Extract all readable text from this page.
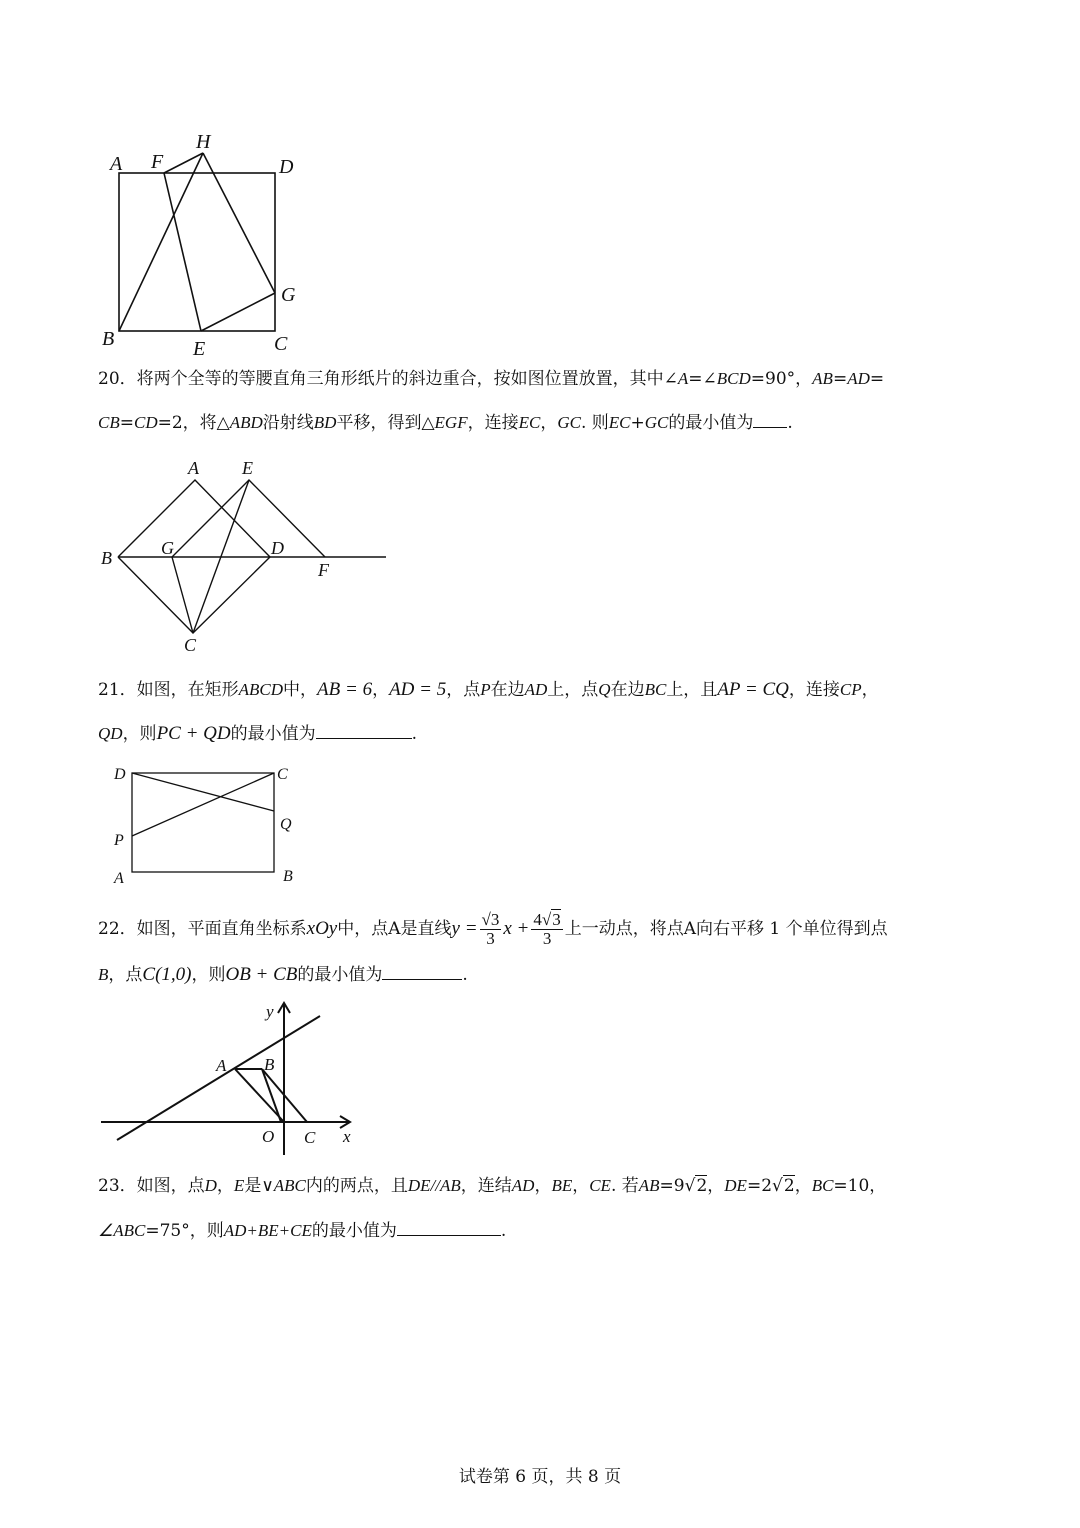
A F
H
D
G
B	E	C
20．将两个全等的等腰直角三角形纸片的斜边重合，按如图位置放置，其中∠A=∠BCD=90°，AB=AD=
CB=CD=2，将△ABD沿射线BD平移，得到△EGF，连接EC，GC. 则EC+GC的最小值为 .
A E
B	G	D
F
C
21．如图，在矩形ABCD中，AB = 6，AD = 5，点P在边AD上，点Q在边BC上，且AP = CQ，连接CP，
QD，则PC + QD的最小值为	.
D	C
Q
P
A	B
22．如图，平面直角坐标系xOy中，点A是直线$y = \frac{√3}{3}$ $x + \frac{4√3}{3}$ 上一动点，将点A向右平移 1 个单位得到点
B，点C(1,0)，则OB + CB的最小值为	.
y
A B
O C x
23．如图，点D，E是∨ABC内的两点，且DE//AB，连结AD，BE，CE. 若AB=9√2，DE=2√2，BC=10，
∠ABC=75°，则AD+BE+CE的最小值为	.
试卷第 6 页，共 8 页
